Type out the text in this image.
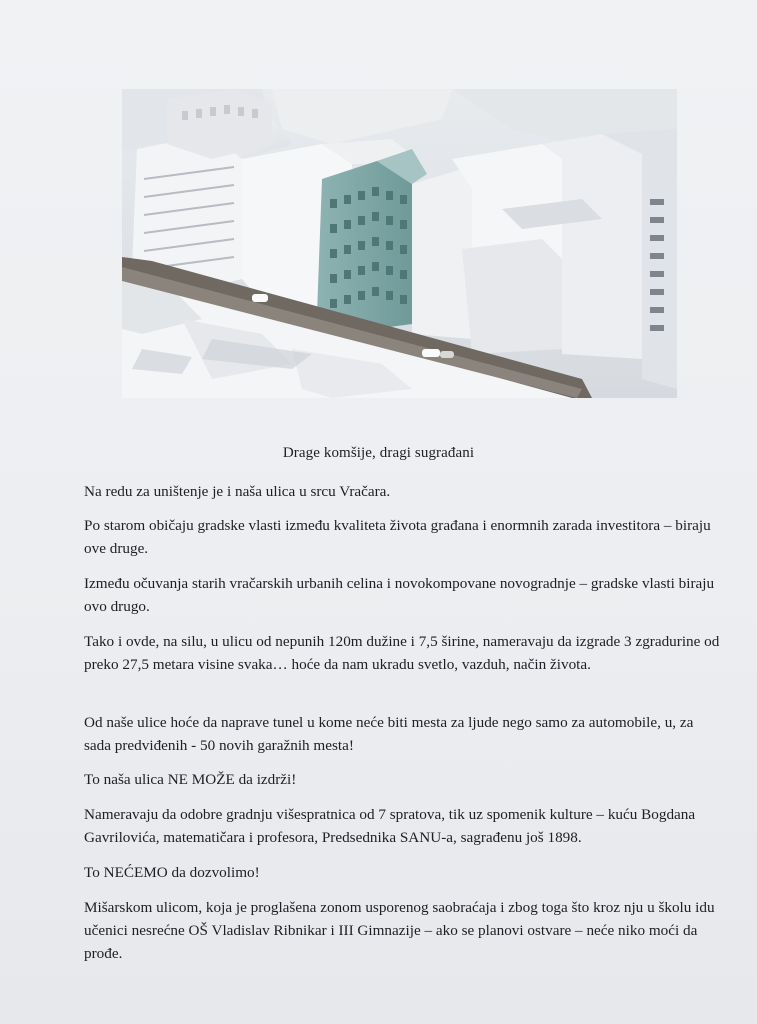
Drage komšije, dragi sugrađani

Na redu za uništenje je i naša ulica u srcu Vračara.

Po starom običaju gradske vlasti između kvaliteta života građana i enormnih zarada investitora – biraju ove druge.

Između očuvanja starih vračarskih urbanih celina i novokompovane novogradnje – gradske vlasti biraju ovo drugo.

Tako i ovde, na silu, u ulicu od nepunih 120m dužine i 7,5 širine, nameravaju da izgrade 3 zgradurine od preko 27,5 metara visine svaka… hoće da nam ukradu svetlo, vazduh, način života.

Od naše ulice hoće da naprave tunel u kome neće biti mesta za ljude nego samo za automobile, u, za sada predviđenih - 50 novih garažnih mesta!

To naša ulica NE MOŽE da izdrži!

Nameravaju da odobre gradnju višespratnica od 7 spratova, tik uz spomenik kulture – kuću Bogdana Gavrilovića, matematičara i profesora, Predsednika SANU-a, sagrađenu još 1898.

To NEĆEMO da dozvolimo!

Mišarskom ulicom, koja je proglašena zonom usporenog saobraćaja i zbog toga što kroz nju u školu idu učenici nesrećne OŠ Vladislav Ribnikar i III Gimnazije – ako se planovi ostvare – neće niko moći da prođe.
